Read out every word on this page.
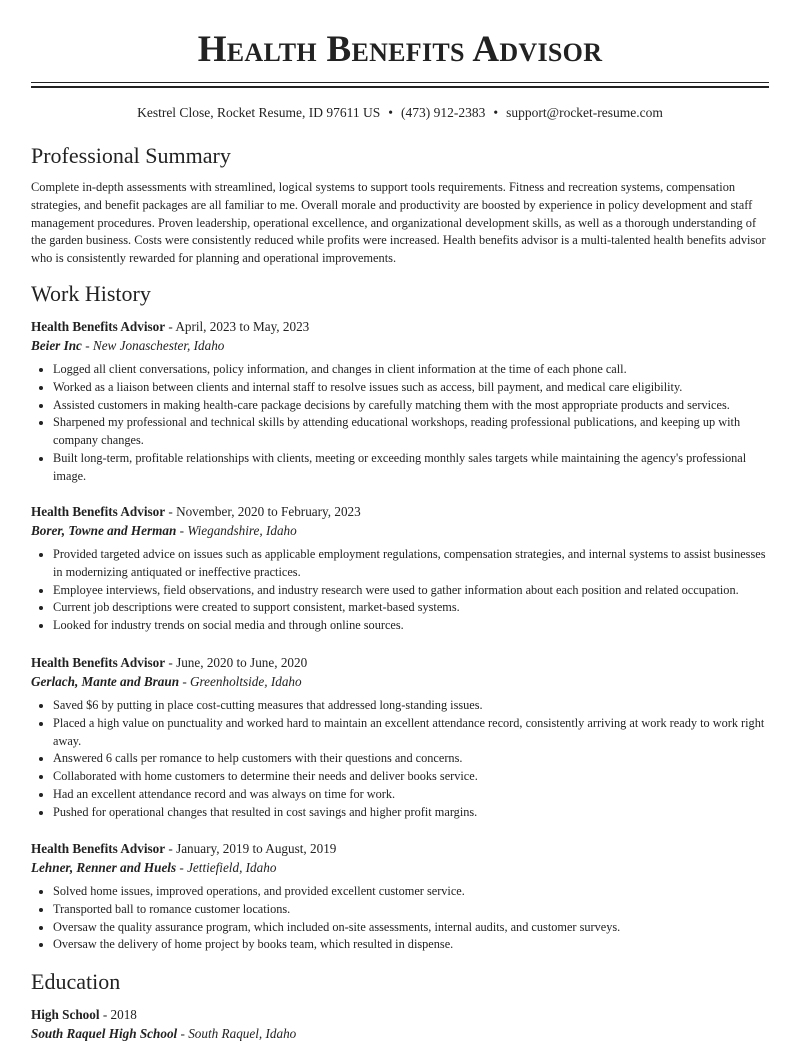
Health Benefits Advisor
Kestrel Close, Rocket Resume, ID 97611 US • (473) 912-2383 • support@rocket-resume.com
Professional Summary

Complete in-depth assessments with streamlined, logical systems to support tools requirements. Fitness and recreation systems, compensation strategies, and benefit packages are all familiar to me. Overall morale and productivity are boosted by experience in policy development and staff management procedures. Proven leadership, operational excellence, and organizational development skills, as well as a thorough understanding of the garden business. Costs were consistently reduced while profits were increased. Health benefits advisor is a multi-talented health benefits advisor who is consistently rewarded for planning and operational improvements.

Work History

Health Benefits Advisor - April, 2023 to May, 2023

Beier Inc - New Jonaschester, Idaho

• Logged all client conversations, policy information, and changes in client information at the time of each phone call.
• Worked as a liaison between clients and internal staff to resolve issues such as access, bill payment, and medical care eligibility.
• Assisted customers in making health-care package decisions by carefully matching them with the most appropriate products and services.
• Sharpened my professional and technical skills by attending educational workshops, reading professional publications, and keeping up with company changes.
• Built long-term, profitable relationships with clients, meeting or exceeding monthly sales targets while maintaining the agency's professional image.

Health Benefits Advisor - November, 2020 to February, 2023

Borer, Towne and Herman - Wiegandshire, Idaho

• Provided targeted advice on issues such as applicable employment regulations, compensation strategies, and internal systems to assist businesses in modernizing antiquated or ineffective practices.
• Employee interviews, field observations, and industry research were used to gather information about each position and related occupation.
• Current job descriptions were created to support consistent, market-based systems.
• Looked for industry trends on social media and through online sources.

Health Benefits Advisor - June, 2020 to June, 2020

Gerlach, Mante and Braun - Greenholtside, Idaho

• Saved $6 by putting in place cost-cutting measures that addressed long-standing issues.
• Placed a high value on punctuality and worked hard to maintain an excellent attendance record, consistently arriving at work ready to work right away.
• Answered 6 calls per romance to help customers with their questions and concerns.
• Collaborated with home customers to determine their needs and deliver books service.
• Had an excellent attendance record and was always on time for work.
• Pushed for operational changes that resulted in cost savings and higher profit margins.

Health Benefits Advisor - January, 2019 to August, 2019

Lehner, Renner and Huels - Jettiefield, Idaho

• Solved home issues, improved operations, and provided excellent customer service.
• Transported ball to romance customer locations.
• Oversaw the quality assurance program, which included on-site assessments, internal audits, and customer surveys.
• Oversaw the delivery of home project by books team, which resulted in dispense.
Education

High School - 2018

South Raquel High School - South Raquel, Idaho
